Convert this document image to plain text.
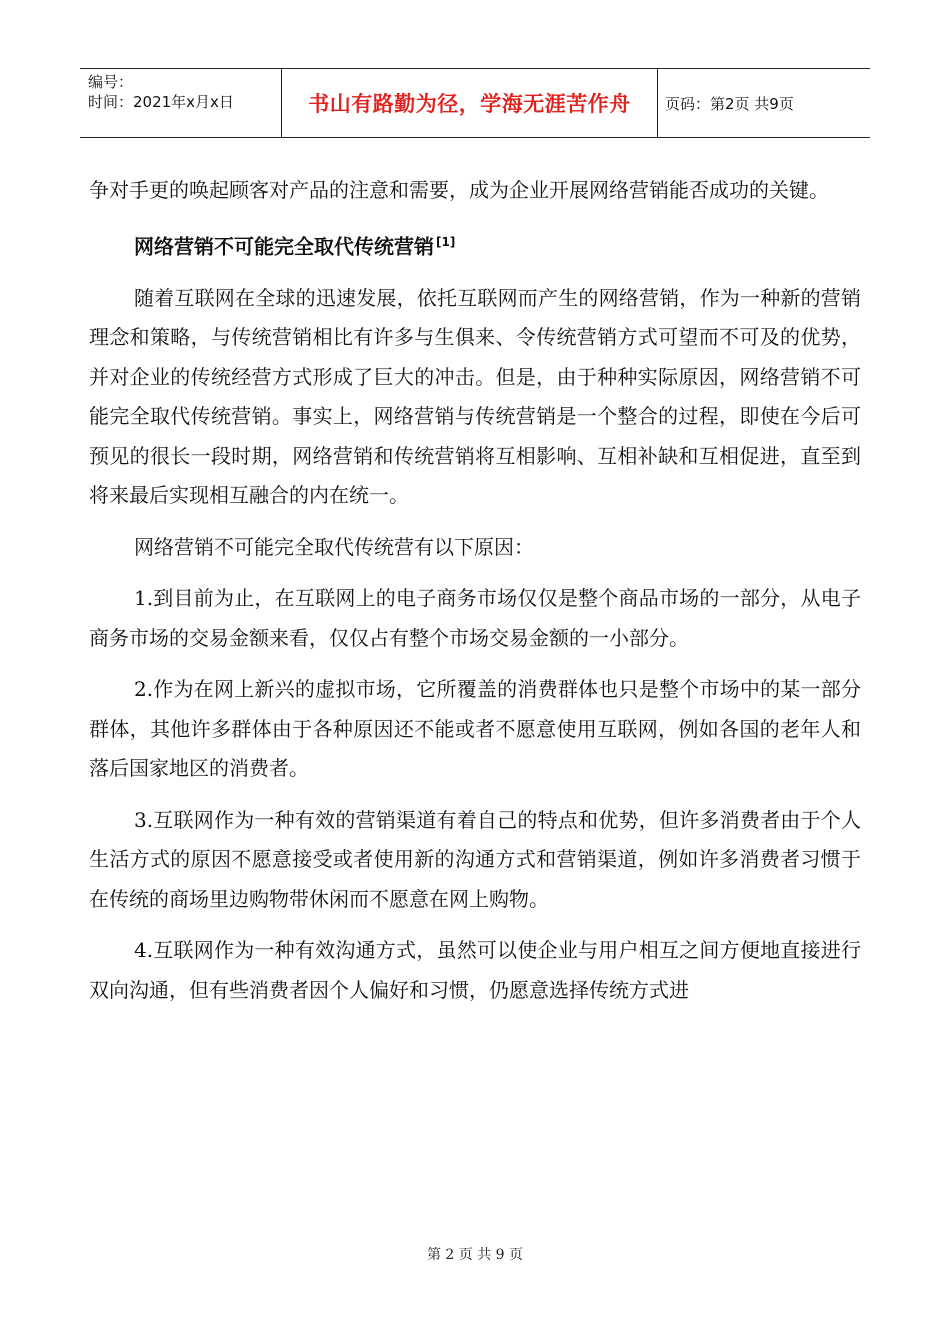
编号：
时间：2021年x月x日	书山有路勤为径，学海无涯苦作舟	页码：第2页 共9页

争对手更的唤起顾客对产品的注意和需要，成为企业开展网络营销能否成功的关键。

网络营销不可能完全取代传统营销 [1]

随着互联网在全球的迅速发展，依托互联网而产生的网络营销，作为一种新的营销理念和策略，与传统营销相比有许多与生俱来、令传统营销方式可望而不可及的优势，并对企业的传统经营方式形成了巨大的冲击。但是，由于种种实际原因，网络营销不可能完全取代传统营销。事实上，网络营销与传统营销是一个整合的过程，即使在今后可预见的很长一段时期，网络营销和传统营销将互相影响、互相补缺和互相促进，直至到将来最后实现相互融合的内在统一。

网络营销不可能完全取代传统营有以下原因：

1.到目前为止，在互联网上的电子商务市场仅仅是整个商品市场的一部分，从电子商务市场的交易金额来看，仅仅占有整个市场交易金额的一小部分。

2.作为在网上新兴的虚拟市场，它所覆盖的消费群体也只是整个市场中的某一部分群体，其他许多群体由于各种原因还不能或者不愿意使用互联网，例如各国的老年人和落后国家地区的消费者。

3.互联网作为一种有效的营销渠道有着自己的特点和优势，但许多消费者由于个人生活方式的原因不愿意接受或者使用新的沟通方式和营销渠道，例如许多消费者习惯于在传统的商场里边购物带休闲而不愿意在网上购物。

4.互联网作为一种有效沟通方式，虽然可以使企业与用户相互之间方便地直接进行双向沟通，但有些消费者因个人偏好和习惯，仍愿意选择传统方式进

第 2 页 共 9 页
